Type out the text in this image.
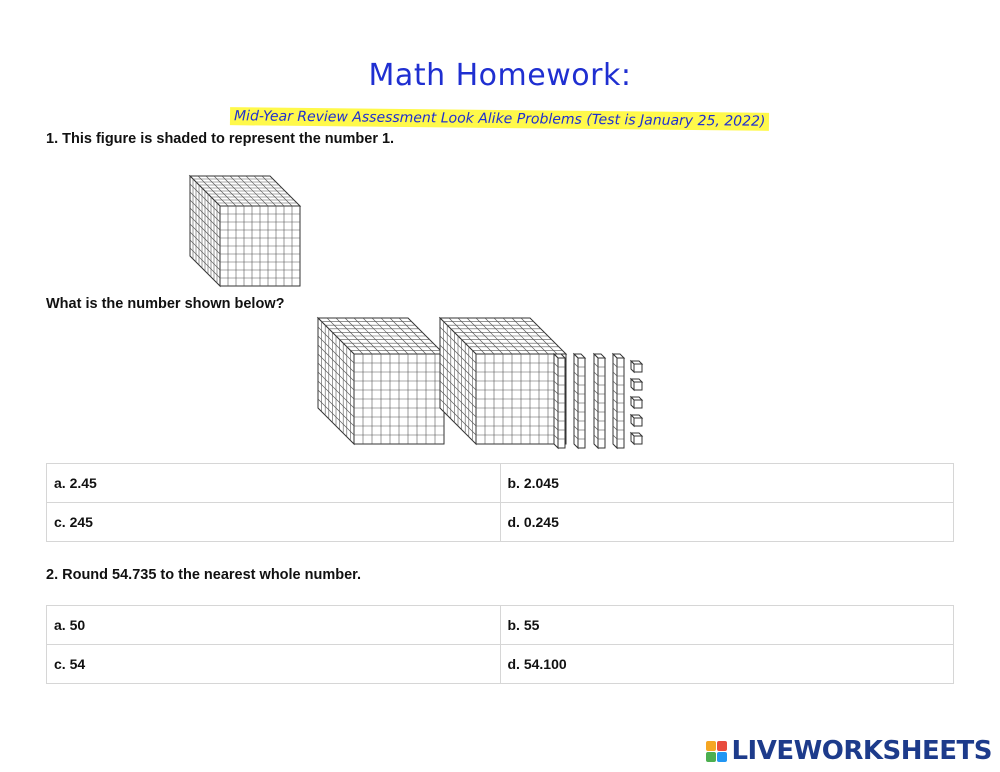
Math Homework:
Mid-Year Review Assessment Look Alike Problems (Test is January 25, 2022)
1. This figure is shaded to represent the number 1.
What is the number shown below?
a. 2.45	b. 2.045
c. 245	d. 0.245
2. Round 54.735 to the nearest whole number.
a. 50	b. 55
c. 54	d. 54.100
LIVEWORKSHEETS
